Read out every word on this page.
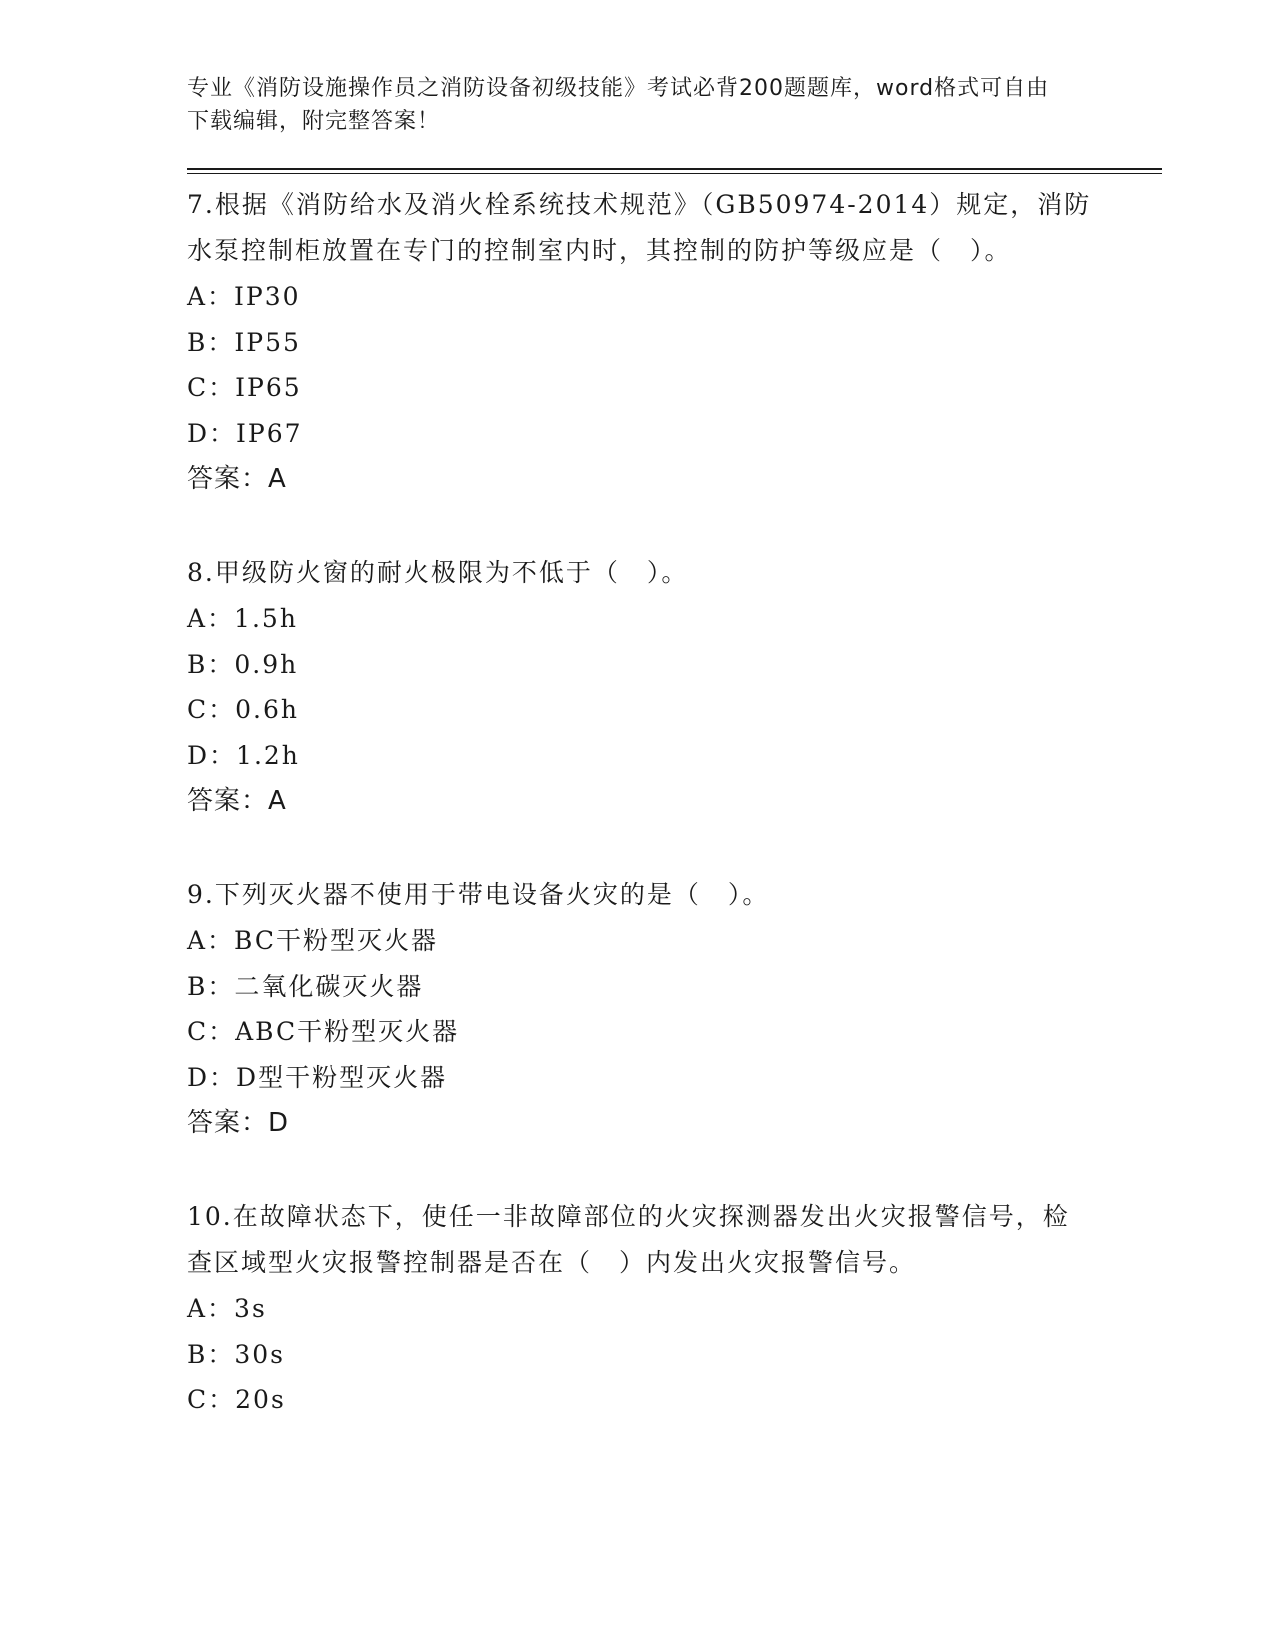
专业《消防设施操作员之消防设备初级技能》考试必背200题题库，word格式可自由下载编辑，附完整答案！
7.根据《消防给水及消火栓系统技术规范》（GB50974-2014）规定，消防水泵控制柜放置在专门的控制室内时，其控制的防护等级应是（　）。
A：IP30
B：IP55
C：IP65
D：IP67
答案：A
8.甲级防火窗的耐火极限为不低于（　）。
A：1.5h
B：0.9h
C：0.6h
D：1.2h
答案：A
9.下列灭火器不使用于带电设备火灾的是（　）。
A：BC干粉型灭火器
B：二氧化碳灭火器
C：ABC干粉型灭火器
D：D型干粉型灭火器
答案：D
10.在故障状态下，使任一非故障部位的火灾探测器发出火灾报警信号，检查区域型火灾报警控制器是否在（　）内发出火灾报警信号。
A：3s
B：30s
C：20s
